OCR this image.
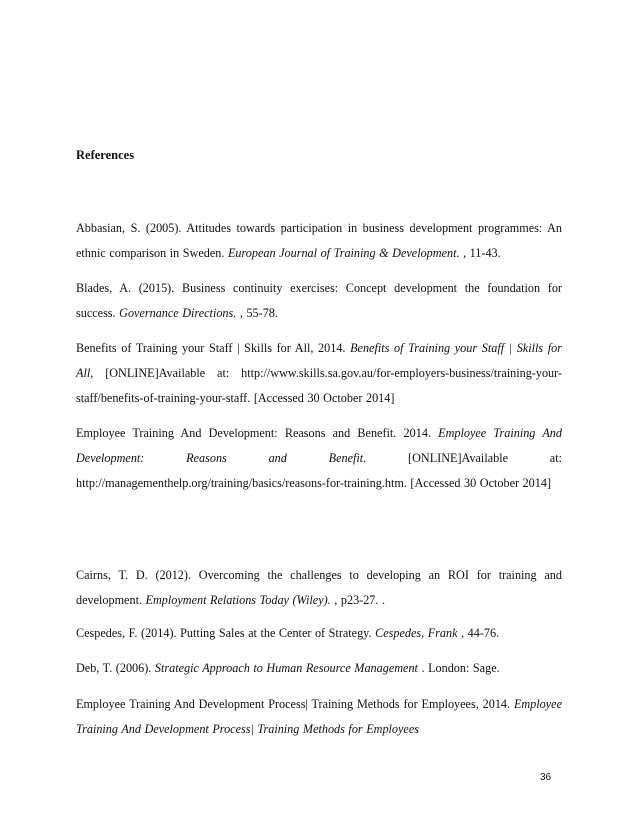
References
Abbasian, S. (2005). Attitudes towards participation in business development programmes: An ethnic comparison in Sweden. European Journal of Training & Development. , 11-43.
Blades, A. (2015). Business continuity exercises: Concept development the foundation for success. Governance Directions. , 55-78.
Benefits of Training your Staff | Skills for All, 2014. Benefits of Training your Staff | Skills for All, [ONLINE]Available at: http://www.skills.sa.gov.au/for-employers-business/training-your-staff/benefits-of-training-your-staff. [Accessed 30 October 2014]
Employee Training And Development: Reasons and Benefit. 2014. Employee Training And Development: Reasons and Benefit. [ONLINE]Available at: http://managementhelp.org/training/basics/reasons-for-training.htm. [Accessed 30 October 2014]
Cairns, T. D. (2012). Overcoming the challenges to developing an ROI for training and development. Employment Relations Today (Wiley). , p23-27. .
Cespedes, F. (2014). Putting Sales at the Center of Strategy. Cespedes, Frank , 44-76.
Deb, T. (2006). Strategic Approach to Human Resource Management . London: Sage.
Employee Training And Development Process| Training Methods for Employees, 2014. Employee Training And Development Process| Training Methods for Employees
36
